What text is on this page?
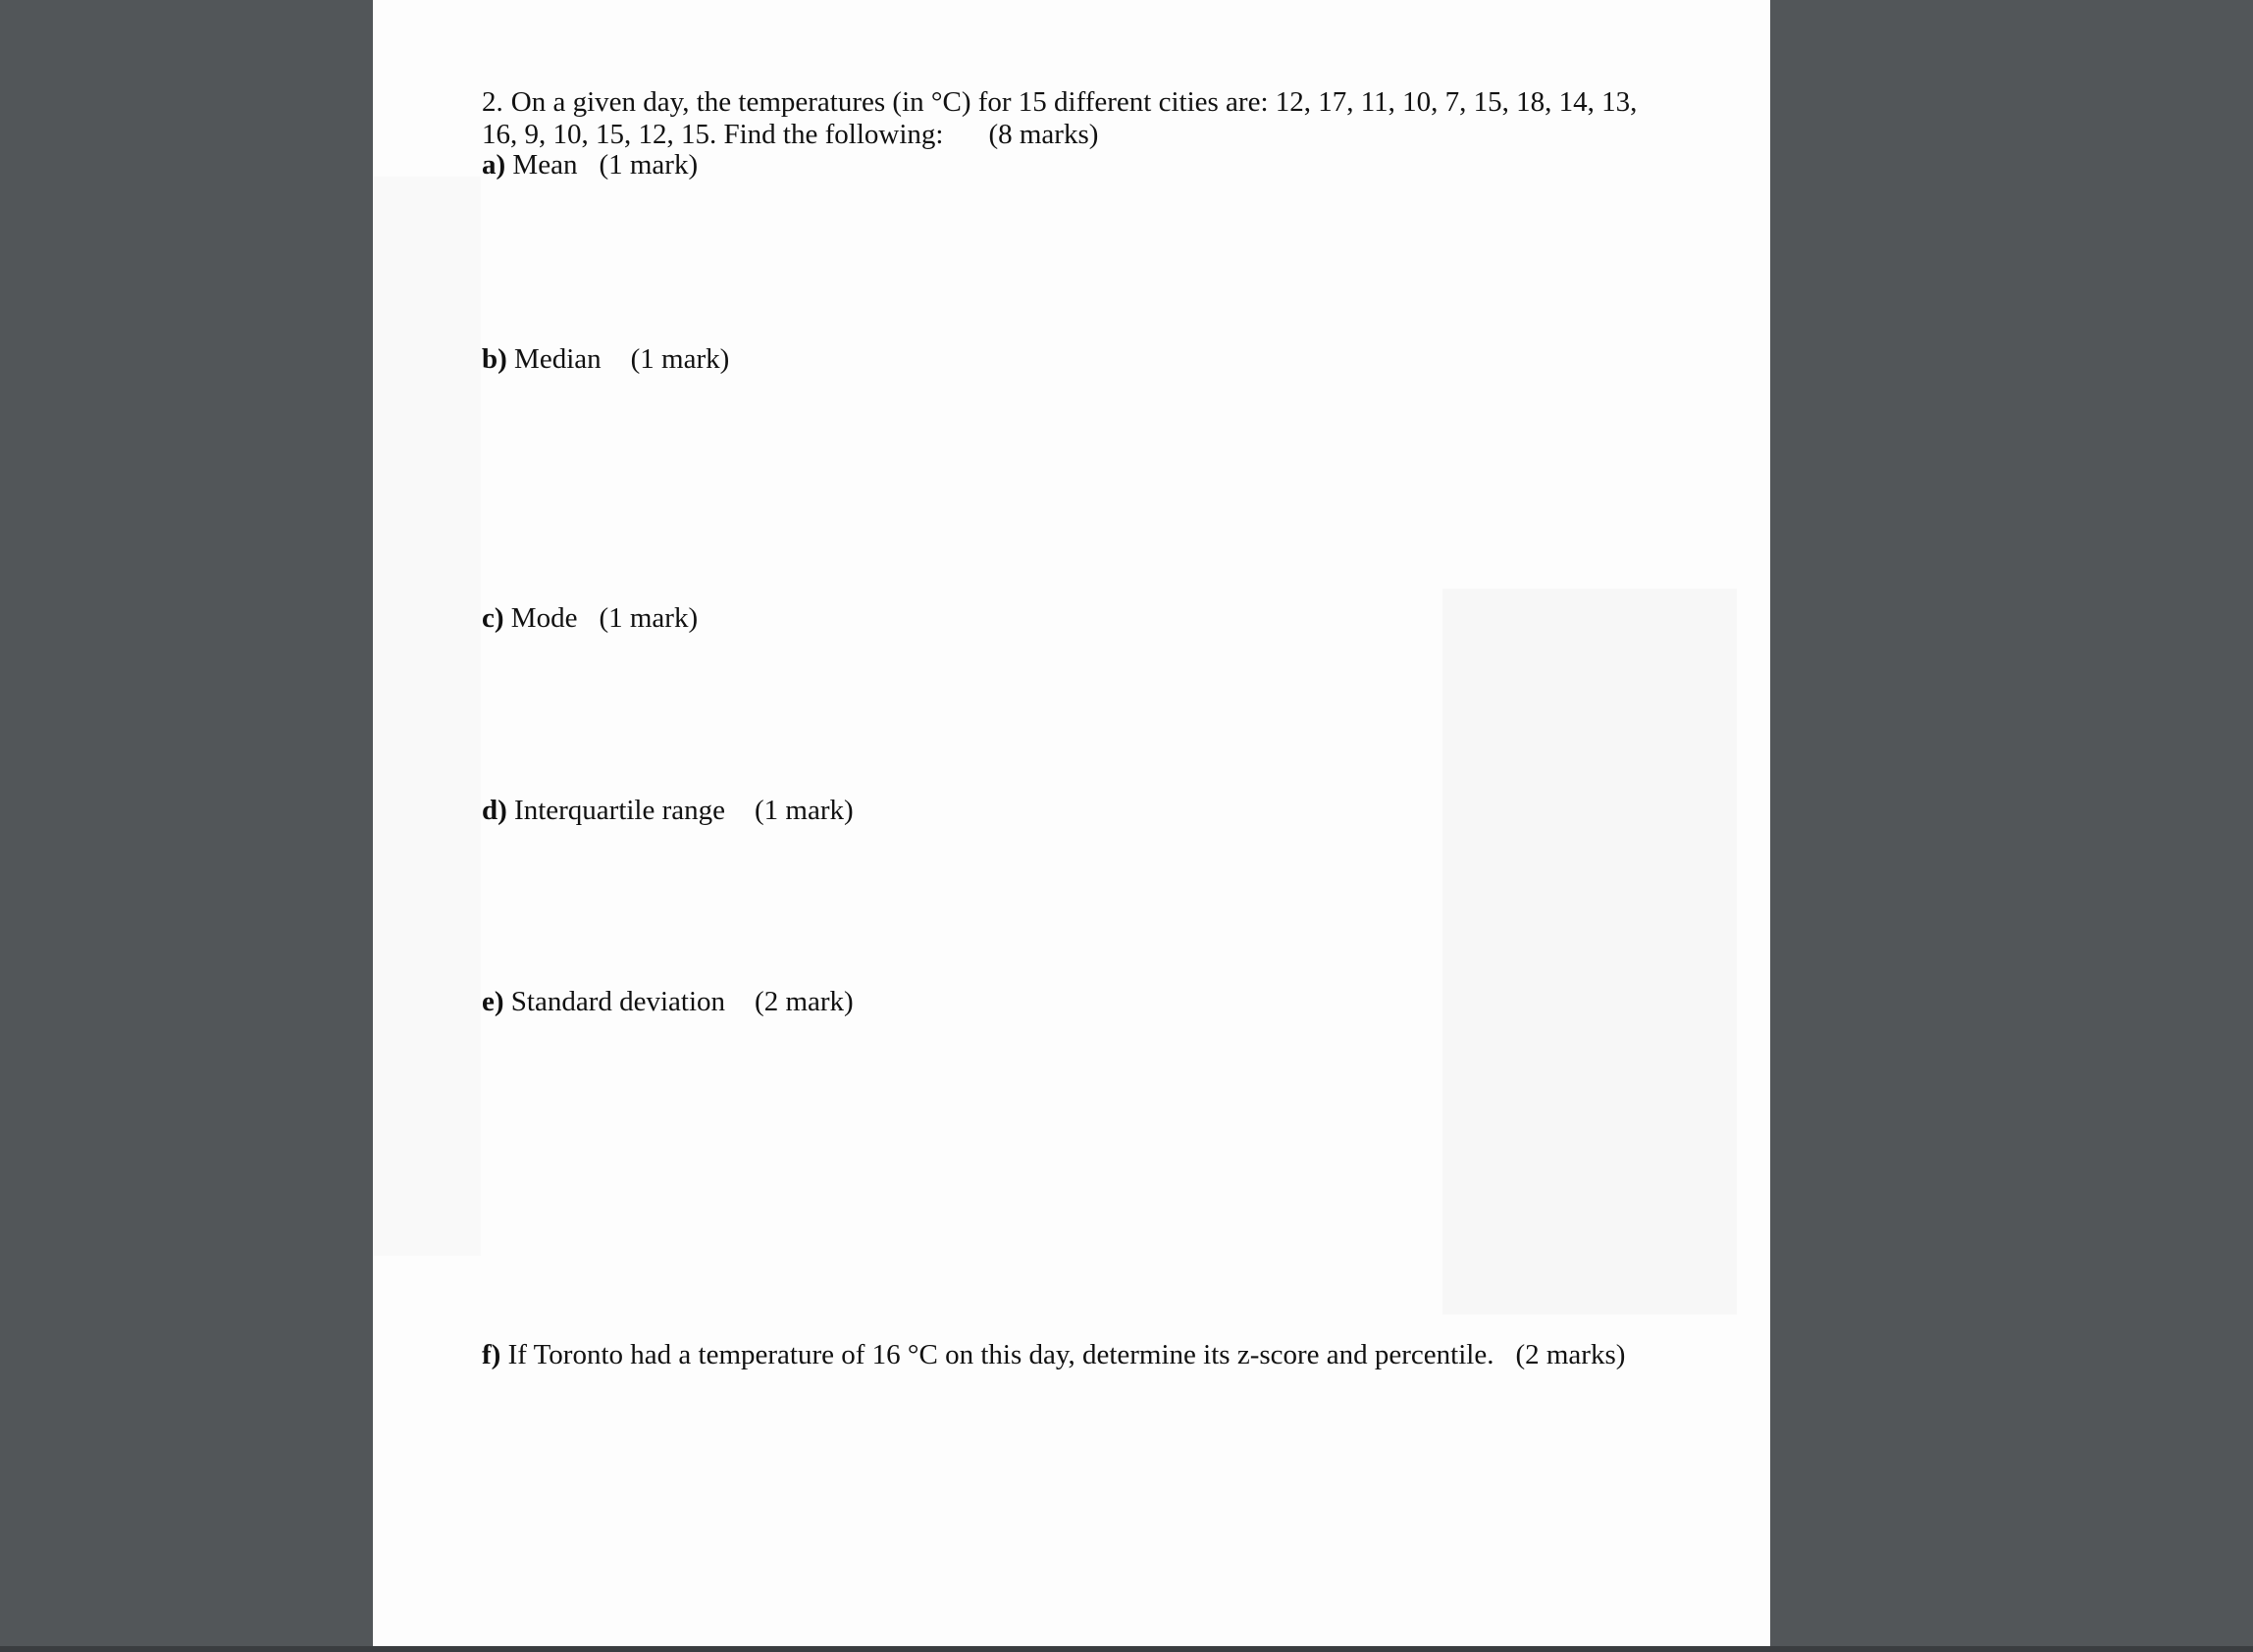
2. On a given day, the temperatures (in °C) for 15 different cities are: 12, 17, 11, 10, 7, 15, 18, 14, 13,
16, 9, 10, 15, 12, 15. Find the following: (8 marks)
a) Mean (1 mark)
b) Median (1 mark)
c) Mode (1 mark)
d) Interquartile range (1 mark)
e) Standard deviation (2 mark)
f) If Toronto had a temperature of 16 °C on this day, determine its z-score and percentile. (2 marks)
